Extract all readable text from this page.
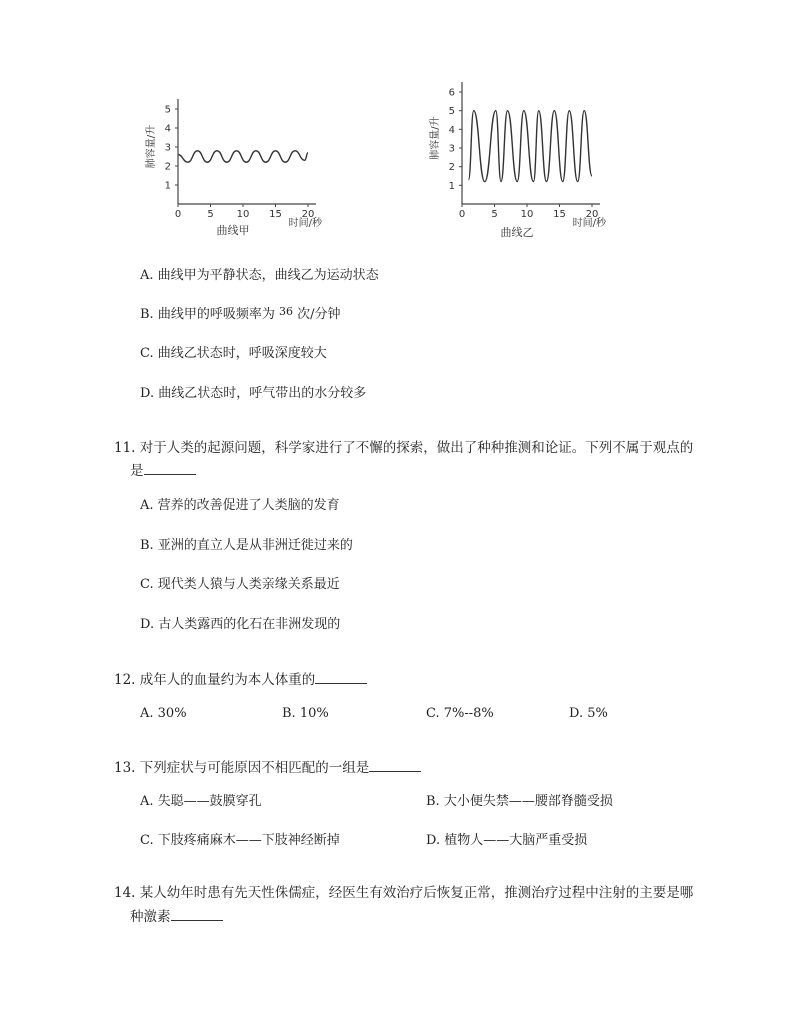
0	5 10 15 20
1
2
3
4
5
肺容量/升
时间/秒
曲线甲
0	5 10 15 20
1
2
3
4
5
6
肺容量/升
时间/秒
曲线乙
A. 曲线甲为平静状态，曲线乙为运动状态
B. 曲线甲的呼吸频率为 $^{36}$ 次/分钟
C. 曲线乙状态时，呼吸深度较大
D. 曲线乙状态时，呼气带出的水分较多
11. 对于人类的起源问题，科学家进行了不懈的探索，做出了种种推测和论证。下列不属于观点的
是
A. 营养的改善促进了人类脑的发育
B. 亚洲的直立人是从非洲迁徙过来的
C. 现代类人猿与人类亲缘关系最近
D. 古人类露西的化石在非洲发现的
12. 成年人的血量约为本人体重的
A. 30%	B. 10%	C. 7%--8%	D. 5%
13. 下列症状与可能原因不相匹配的一组是
A. 失聪——鼓膜穿孔	B. 大小便失禁——腰部脊髓受损
C. 下肢疼痛麻木——下肢神经断掉	D. 植物人——大脑严重受损
14. 某人幼年时患有先天性侏儒症，经医生有效治疗后恢复正常，推测治疗过程中注射的主要是哪
种激素
